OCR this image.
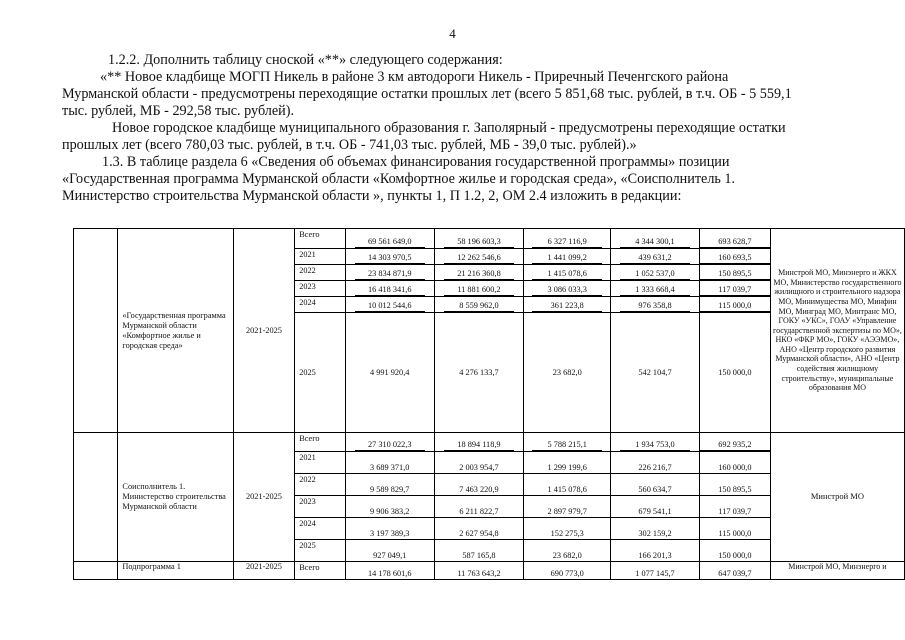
4

1.2.2. Дополнить таблицу сноской «**» следующего содержания:
«** Новое кладбище МОГП Никель в районе 3 км автодороги Никель - Приречный Печенгского района
Мурманской области - предусмотрены переходящие остатки прошлых лет (всего 5 851,68 тыс. рублей, в т.ч. ОБ - 5 559,1
тыс. рублей, МБ - 292,58 тыс. рублей).
Новое городское кладбище муниципального образования г. Заполярный - предусмотрены переходящие остатки
прошлых лет (всего 780,03 тыс. рублей, в т.ч. ОБ - 741,03 тыс. рублей, МБ - 39,0 тыс. рублей).»
1.3. В таблице раздела 6 «Сведения об объемах финансирования государственной программы» позиции
«Государственная программа Мурманской области «Комфортное жилье и городская среда», «Соисполнитель 1.
Министерство строительства Мурманской области », пункты 1, П 1.2, 2, ОМ 2.4 изложить в редакции:

	«Государственная программа Мурманской области «Комфортное жилье и городская среда»	2021-2025	Всего	69 561 649,0	58 196 603,3	6 327 116,9	4 344 300,1	693 628,7	Минстрой МО, Минэнерго и ЖКХ МО, Министерство государственного жилищного и строительного надзора МО, Минимущества МО, Минфин МО, Минград МО, Минтранс МО, ГОКУ «УКС», ГОАУ «Управление государственной экспертизы по МО», НКО «ФКР МО», ГОКУ «АЭЭМО», АНО «Центр городского развития Мурманской области», АНО «Центр содействия жилищному строительству», муниципальные образования МО
			2021	14 303 970,5	12 262 546,6	1 441 099,2	439 631,2	160 693,5	
			2022	23 834 871,9	21 216 360,8	1 415 078,6	1 052 537,0	150 895,5	
			2023	16 418 341,6	11 881 600,2	3 086 033,3	1 333 668,4	117 039,7	
			2024	10 012 544,6	8 559 962,0	361 223,8	976 358,8	115 000,0	
			2025	4 991 920,4	4 276 133,7	23 682,0	542 104,7	150 000,0	
	Соисполнитель 1. Министерство строительства Мурманской области	2021-2025	Всего	27 310 022,3	18 894 118,9	5 788 215,1	1 934 753,0	692 935,2	Минстрой МО
			2021	3 689 371,0	2 003 954,7	1 299 199,6	226 216,7	160 000,0	
			2022	9 589 829,7	7 463 220,9	1 415 078,6	560 634,7	150 895,5	
			2023	9 906 383,2	6 211 822,7	2 897 979,7	679 541,1	117 039,7	
			2024	3 197 389,3	2 627 954,8	152 275,3	302 159,2	115 000,0	
			2025	927 049,1	587 165,8	23 682,0	166 201,3	150 000,0	
	Подпрограмма 1	2021-2025	Всего	14 178 601,6	11 763 643,2	690 773,0	1 077 145,7	647 039,7	Минстрой МО, Минэнерго и
